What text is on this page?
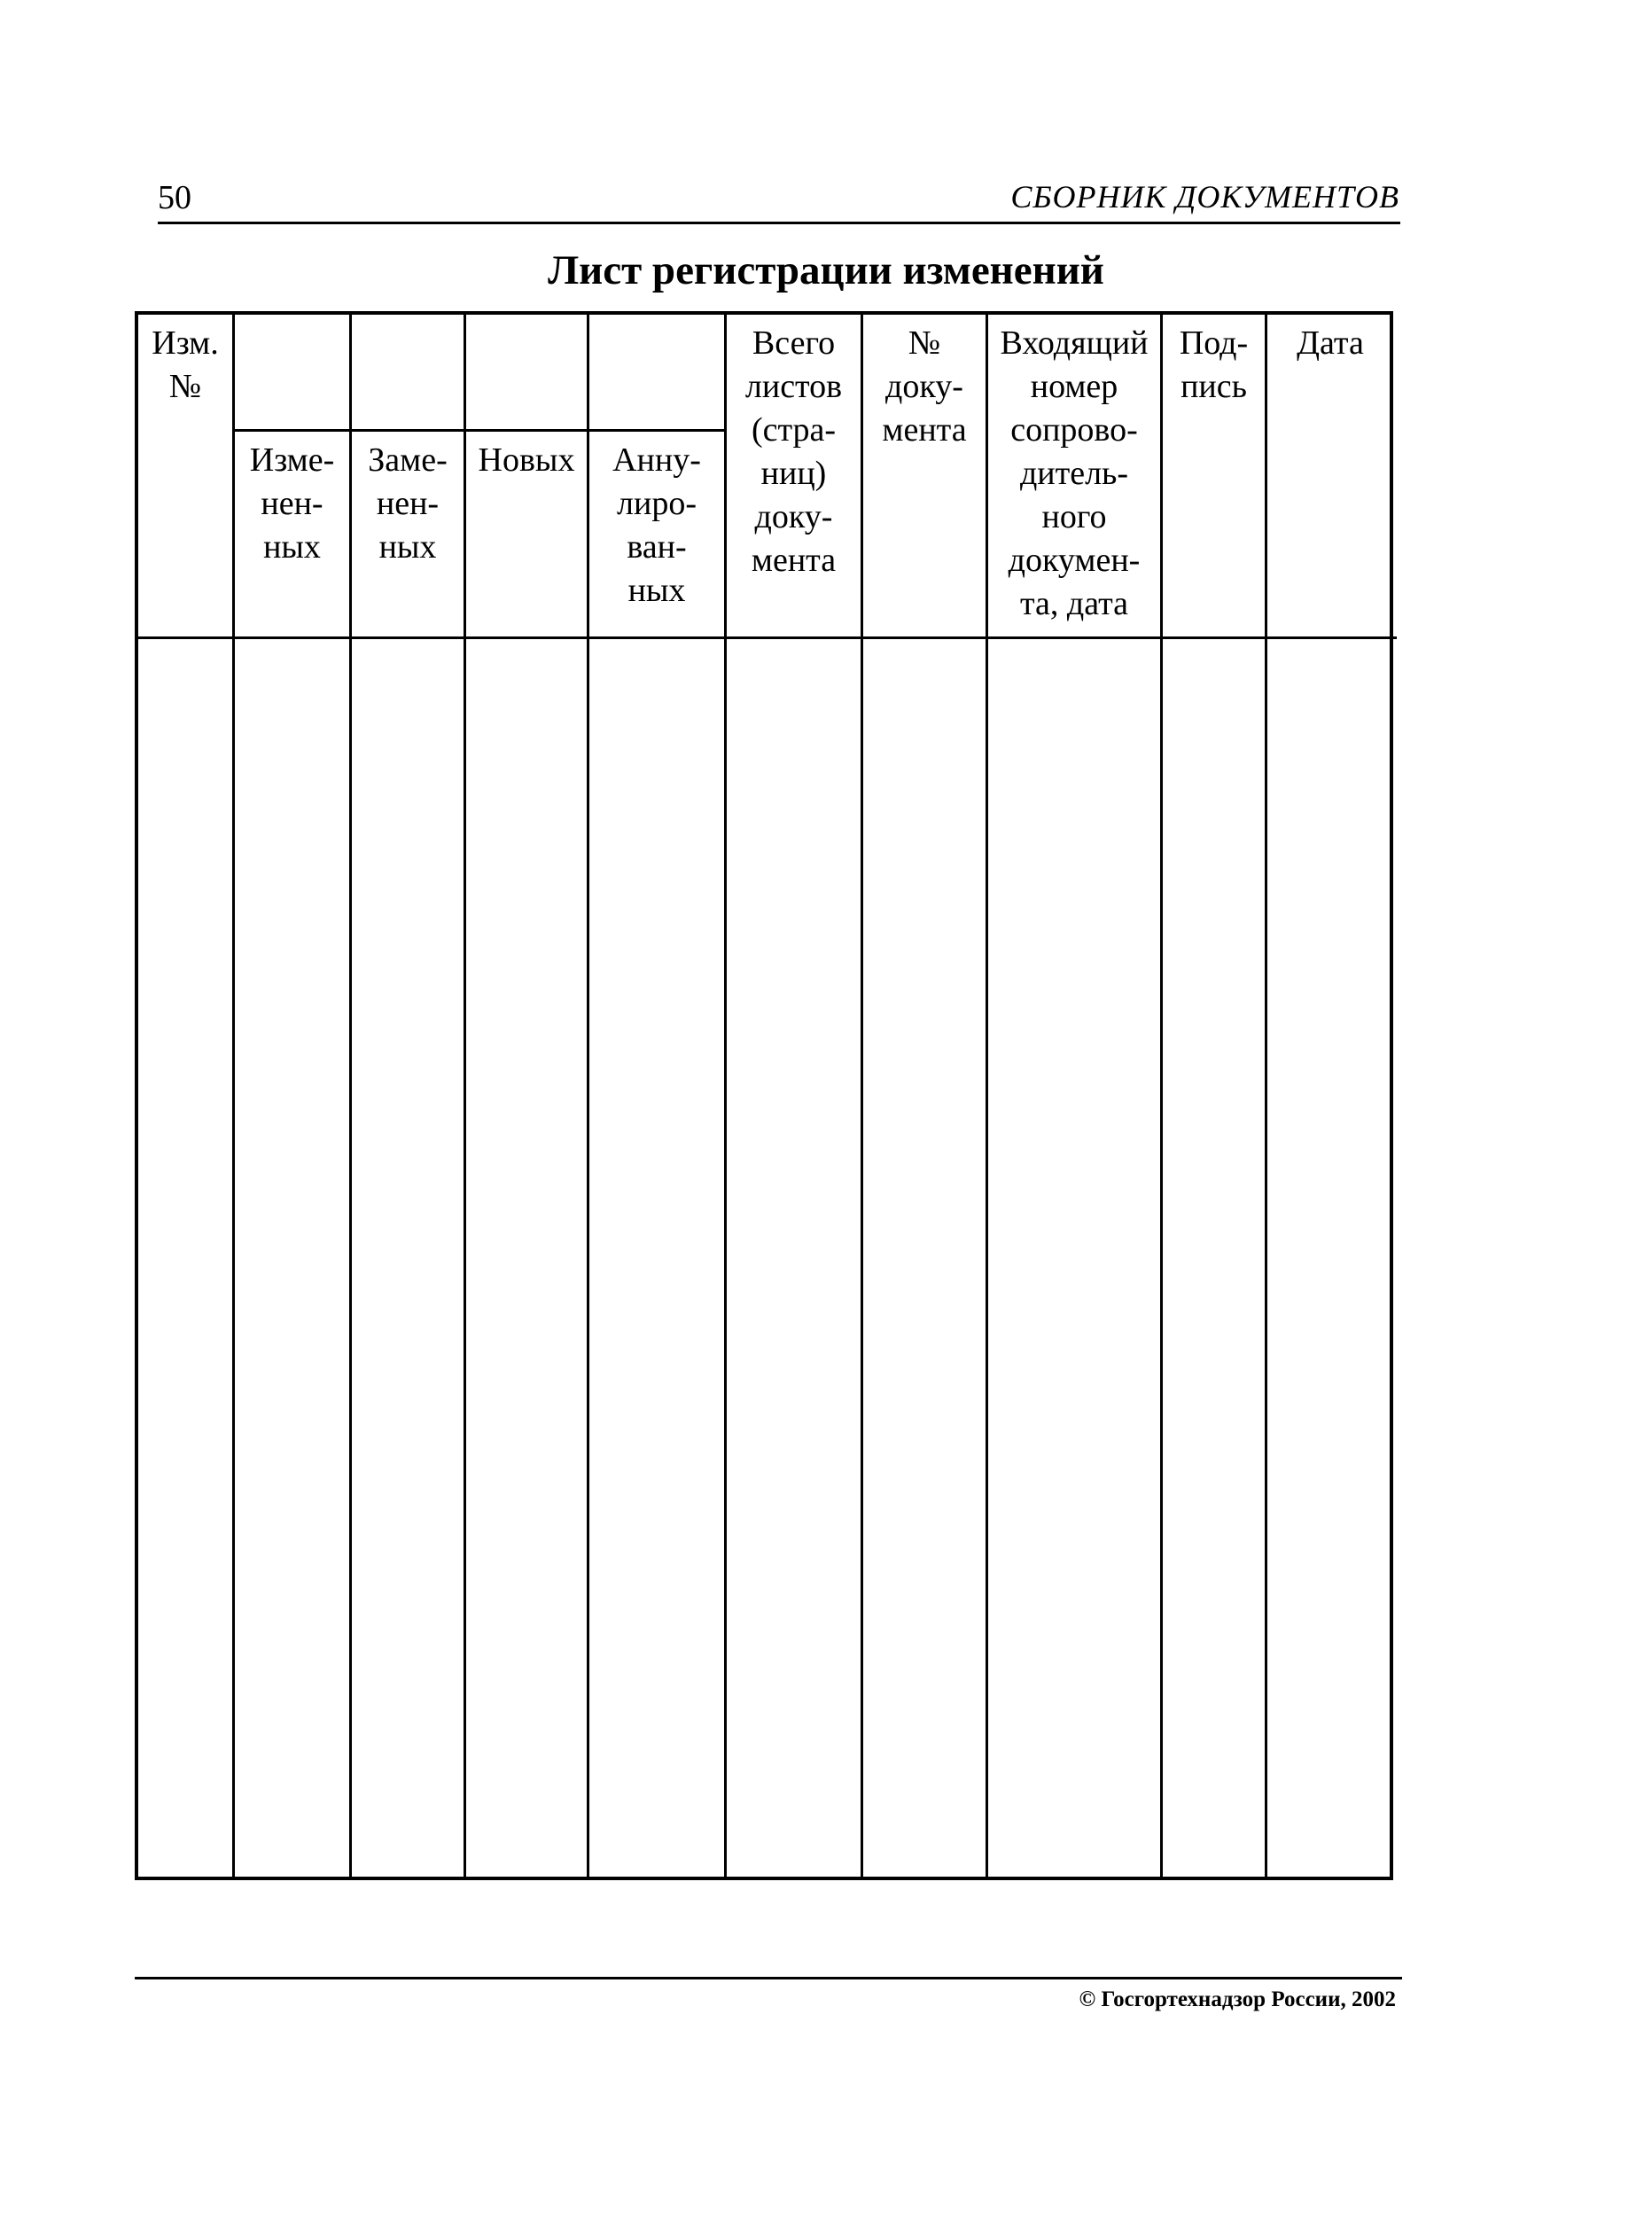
50	СБОРНИК ДОКУМЕНТОВ
Лист регистрации изменений
Изм.
№
Изме-
нен-
ных
Заме-
нен-
ных
Новых	Анну-
лиро-
ван-
ных
Всего
листов
(стра-
ниц)
доку-
мента
№
доку-
мента
Входящий
номер
сопрово-
дитель-
ного
докумен-
та, дата
Под-
пись
Дата
© Госгортехнадзор России, 2002
